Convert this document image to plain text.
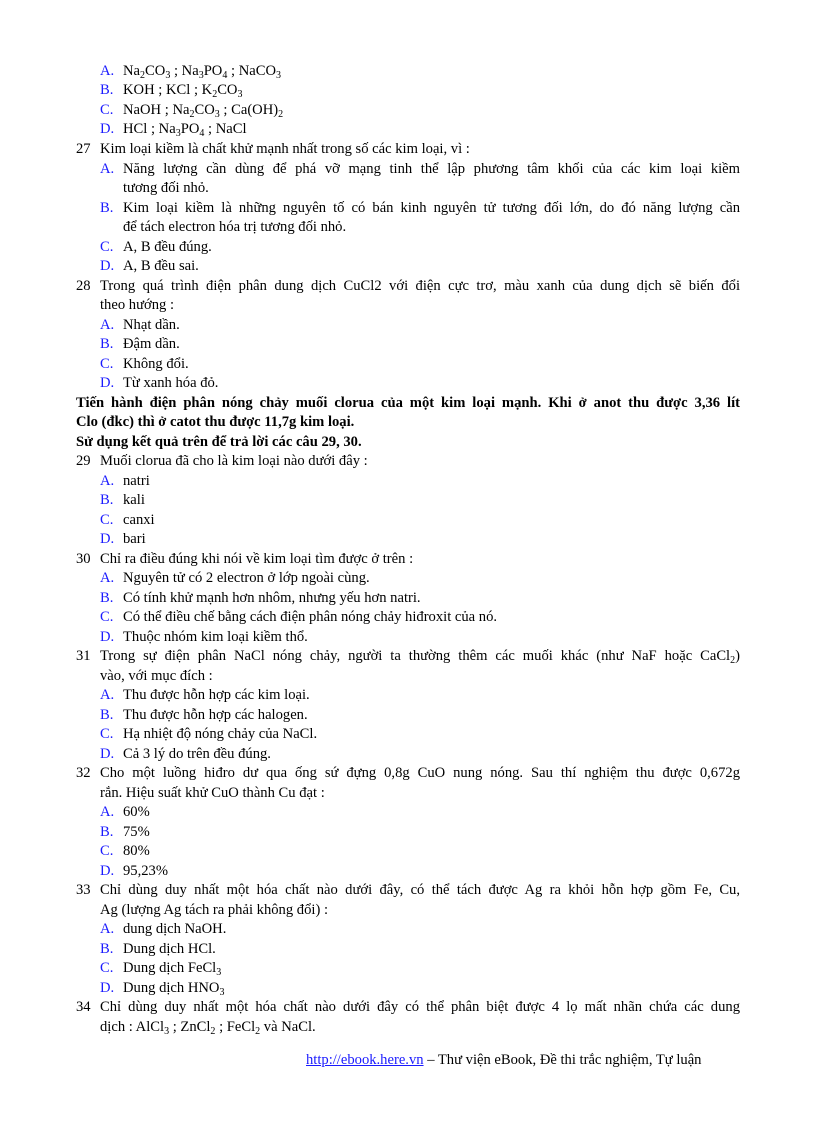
A. $Na_2CO_3$ ; $Na_3PO_4$ ; NaCO$_3$
B. KOH ; KCl ; $K_2CO_3$
C. NaOH ; $Na_2CO_3$ ; $Ca(OH)_2$
D. HCl ; $Na_3PO_4$ ; NaCl
27 Kim loại kiềm là chất khử mạnh nhất trong số các kim loại, vì :
A. Năng lượng cần dùng để phá vỡ mạng tinh thể lập phương tâm khối của các kim loại kiềm
tương đối nhỏ.
B. Kim loại kiềm là những nguyên tố có bán kinh nguyên tử tương đối lớn, do đó năng lượng cần
để tách electron hóa trị tương đối nhỏ.
C. A, B đều đúng.
D. A, B đều sai.
28 Trong quá trình điện phân dung dịch CuCl2 với điện cực trơ, màu xanh của dung dịch sẽ biến đổi
theo hướng :
A. Nhạt dần.
B. Đậm dần.
C. Không đổi.
D. Từ xanh hóa đỏ.
Tiến hành điện phân nóng chảy muối clorua của một kim loại mạnh. Khi ở anot thu được 3,36 lít
Clo (đkc) thì ở catot thu được 11,7g kim loại.
Sử dụng kết quả trên để trả lời các câu 29, 30.
29 Muối clorua đã cho là kim loại nào dưới đây :
A. natri
B. kali
C. canxi
D. bari
30 Chỉ ra điều đúng khi nói về kim loại tìm được ở trên :
A. Nguyên tử có 2 electron ở lớp ngoài cùng.
B. Có tính khử mạnh hơn nhôm, nhưng yếu hơn natri.
C. Có thể điều chế bằng cách điện phân nóng chảy hiđroxit của nó.
D. Thuộc nhóm kim loại kiềm thổ.
31 Trong sự điện phân NaCl nóng chảy, người ta thường thêm các muối khác (như NaF hoặc CaCl$_2$)
vào, với mục đích :
A. Thu được hỗn hợp các kim loại.
B. Thu được hỗn hợp các halogen.
C. Hạ nhiệt độ nóng chảy của NaCl.
D. Cả 3 lý do trên đều đúng.
32 Cho một luồng hiđro dư qua ống sứ đựng 0,8g CuO nung nóng. Sau thí nghiệm thu được 0,672g
rắn. Hiệu suất khử CuO thành Cu đạt :
A. 60%
B. 75%
C. 80%
D. 95,23%
33 Chỉ dùng duy nhất một hóa chất nào dưới đây, có thể tách được Ag ra khỏi hỗn hợp gồm Fe, Cu,
Ag (lượng Ag tách ra phải không đổi) :
A. dung dịch NaOH.
B. Dung dịch HCl.
C. Dung dịch FeCl$_3$
D. Dung dịch $HNO_3$
34 Chỉ dùng duy nhất một hóa chất nào dưới đây có thể phân biệt được 4 lọ mất nhãn chứa các dung
dịch : AlCl$_3$ ; ZnCl$_2$ ; FeCl$_2$ và NaCl.
http://ebook.here.vn – Thư viện eBook, Đề thi trắc nghiệm, Tự luận
